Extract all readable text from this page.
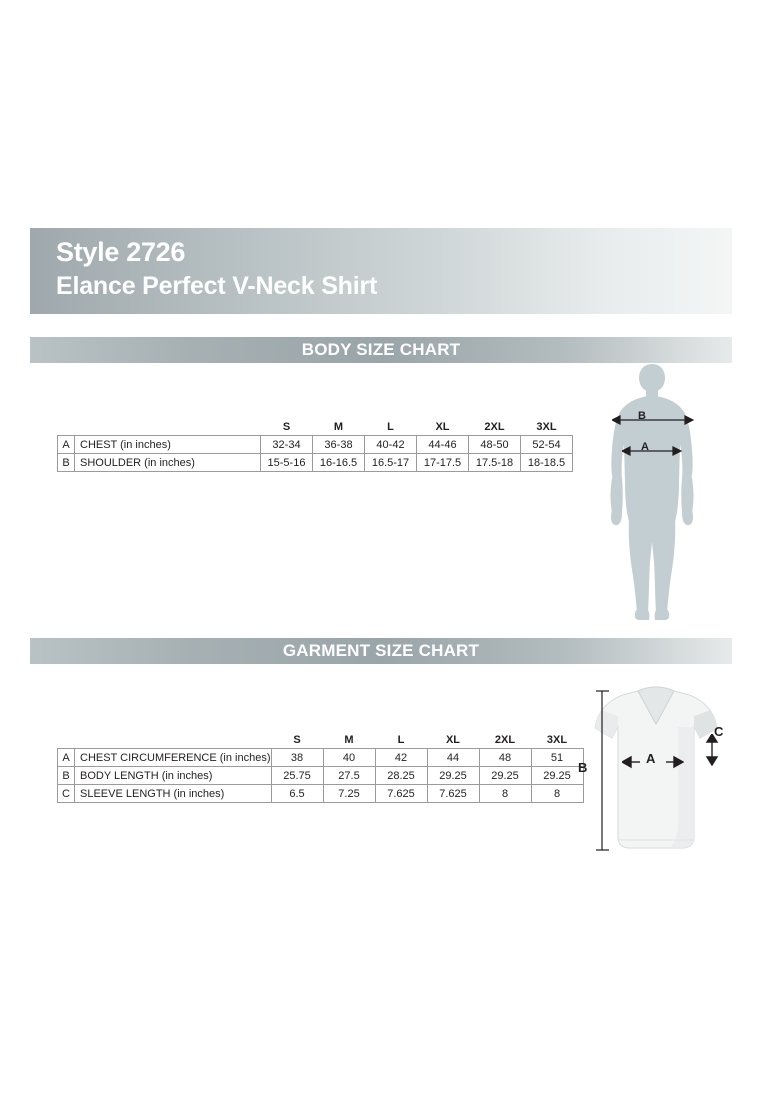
Style 2726
Elance Perfect V-Neck Shirt
BODY SIZE CHART
		S	M	L	XL	2XL	3XL
A	CHEST (in inches)	32-34	36-38	40-42	44-46	48-50	52-54
B	SHOULDER (in inches)	15-5-16	16-16.5	16.5-17	17-17.5	17.5-18	18-18.5
B
A
GARMENT SIZE CHART
		S	M	L	XL	2XL	3XL
A	CHEST CIRCUMFERENCE (in inches)	38	40	42	44	48	51
B	BODY LENGTH (in inches)	25.75	27.5	28.25	29.25	29.25	29.25
C	SLEEVE LENGTH (in inches)	6.5	7.25	7.625	7.625	8	8
A
B
C
